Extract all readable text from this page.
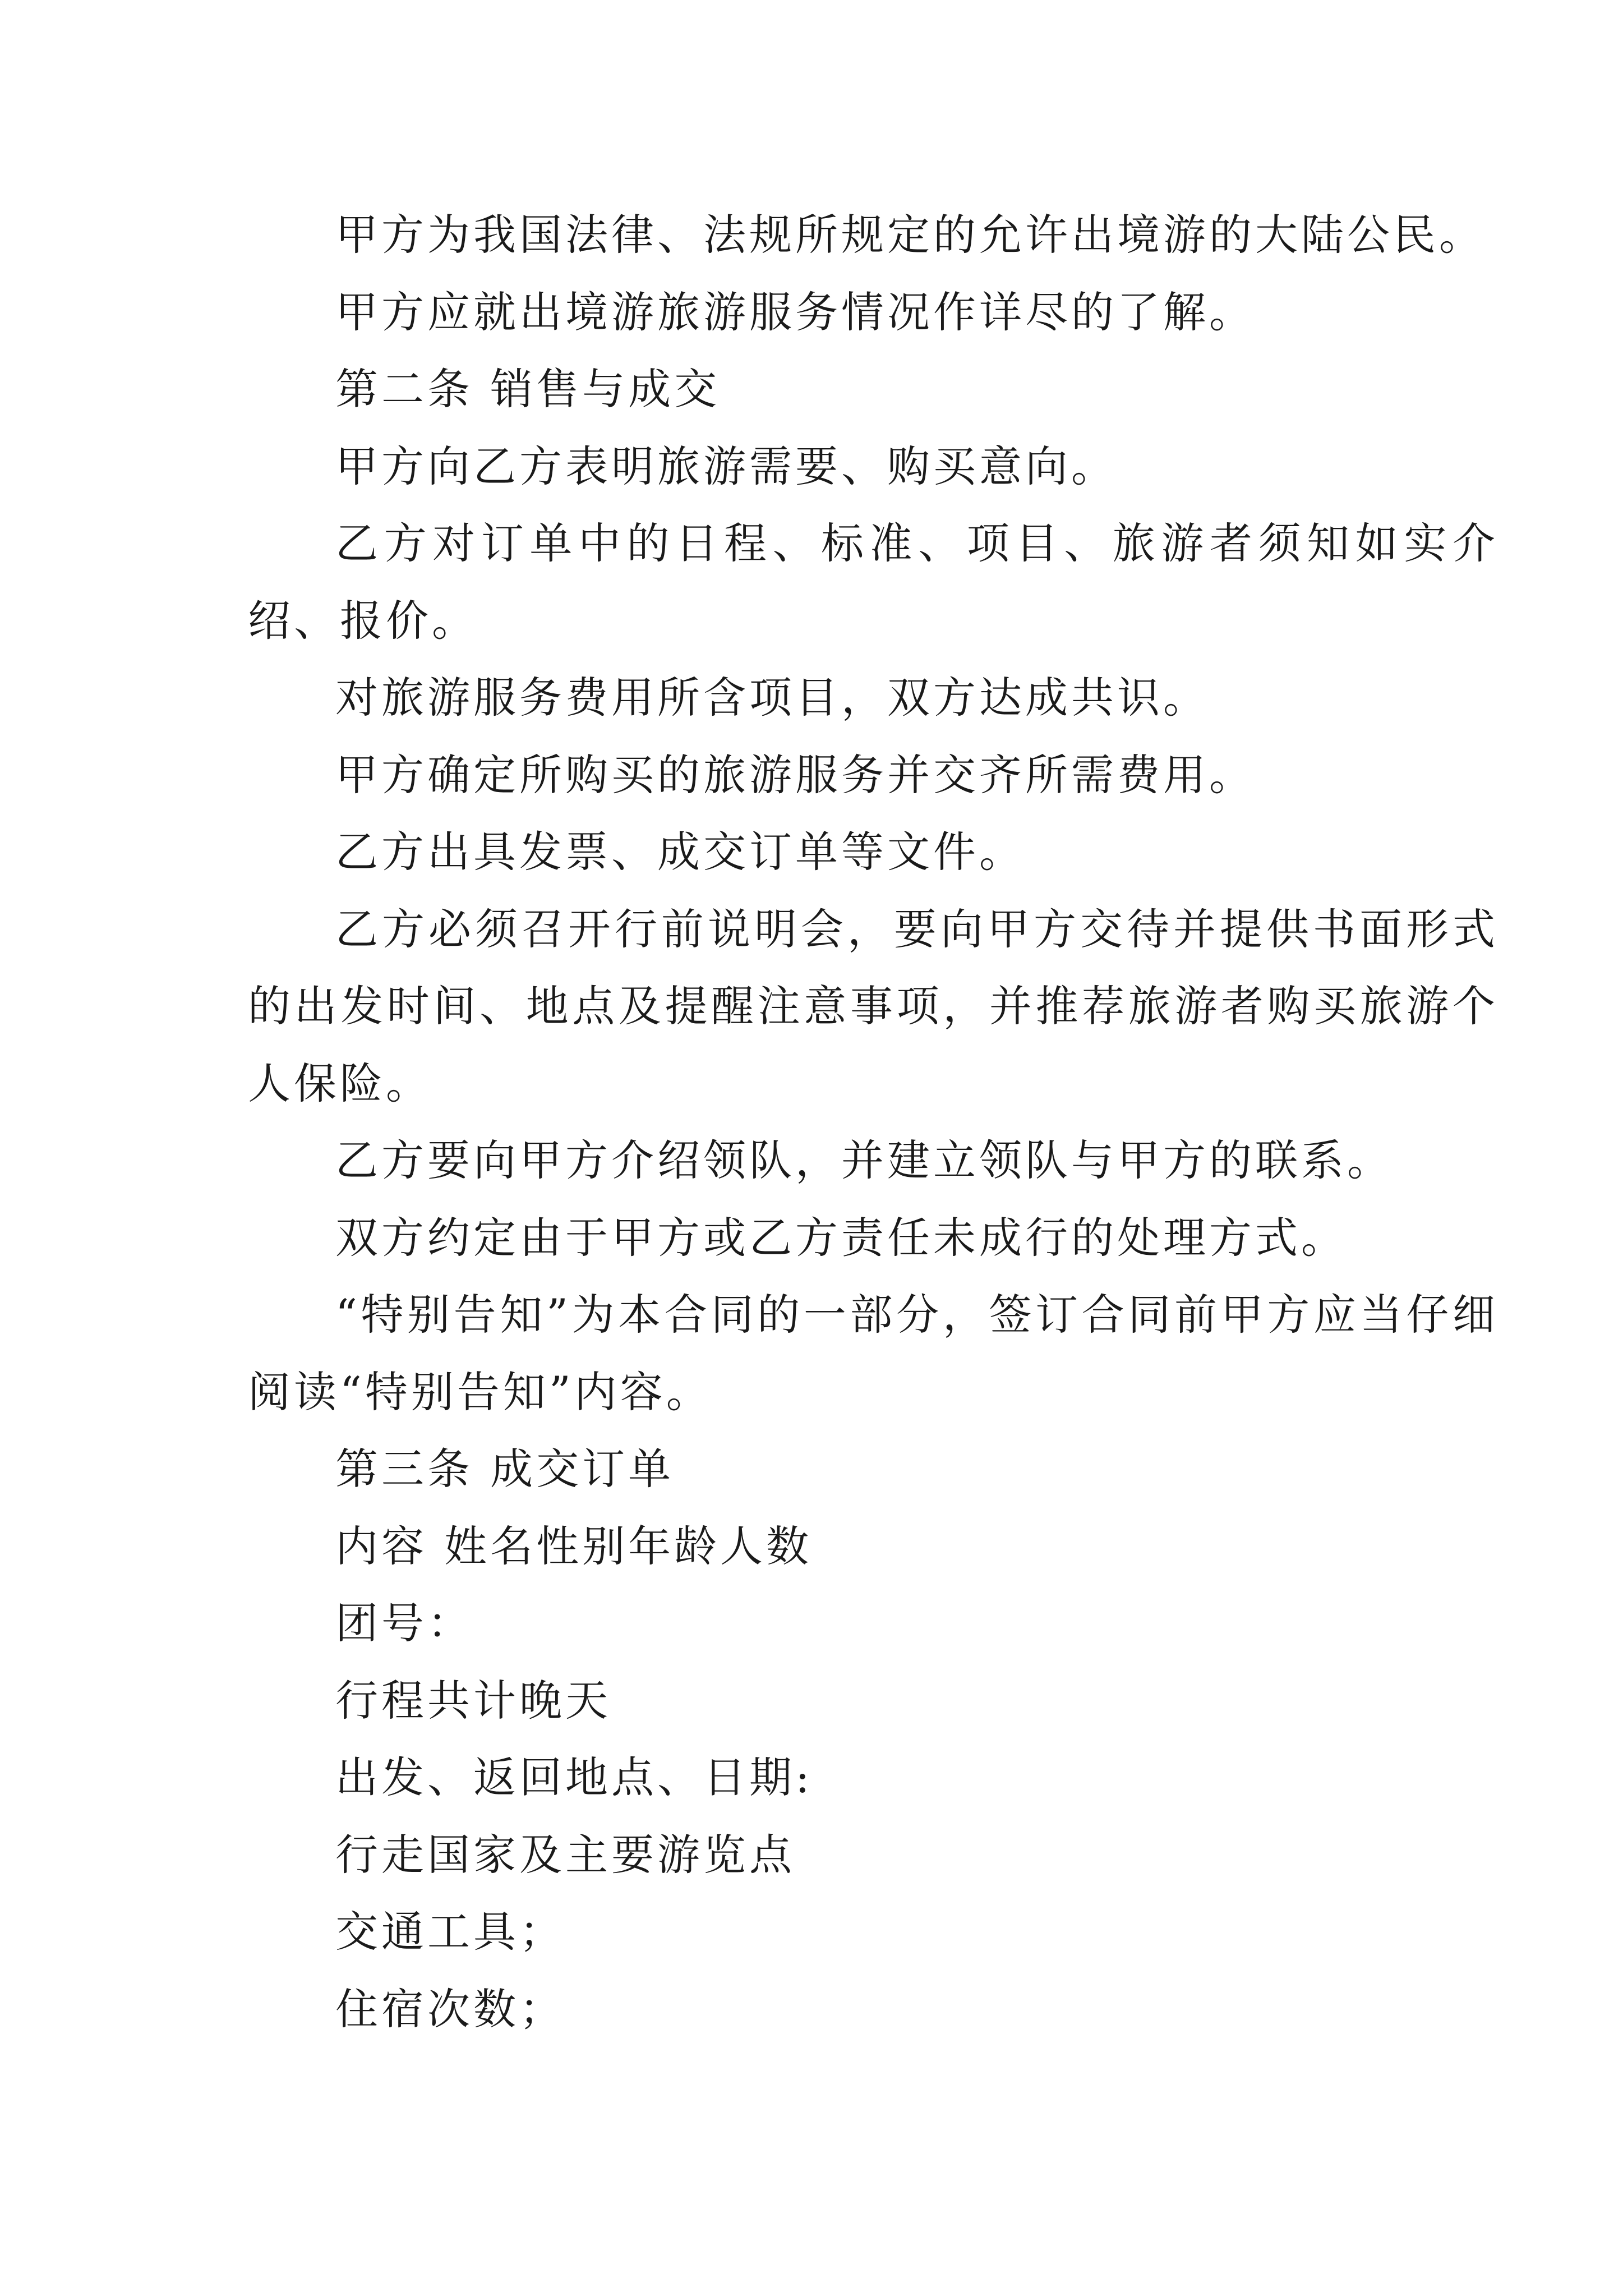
甲方为我国法律、法规所规定的允许出境游的大陆公民。

甲方应就出境游旅游服务情况作详尽的了解。

第二条 销售与成交

甲方向乙方表明旅游需要、购买意向。

乙方对订单中的日程、标准、项目、旅游者须知如实介绍、报价。

对旅游服务费用所含项目，双方达成共识。

甲方确定所购买的旅游服务并交齐所需费用。

乙方出具发票、成交订单等文件。

乙方必须召开行前说明会，要向甲方交待并提供书面形式的出发时间、地点及提醒注意事项，并推荐旅游者购买旅游个人保险。

乙方要向甲方介绍领队，并建立领队与甲方的联系。

双方约定由于甲方或乙方责任未成行的处理方式。

“特别告知”为本合同的一部分，签订合同前甲方应当仔细阅读“特别告知”内容。

第三条 成交订单

内容 姓名性别年龄人数

团号：

行程共计晚天

出发、返回地点、日期:

行走国家及主要游览点

交通工具；

住宿次数；
